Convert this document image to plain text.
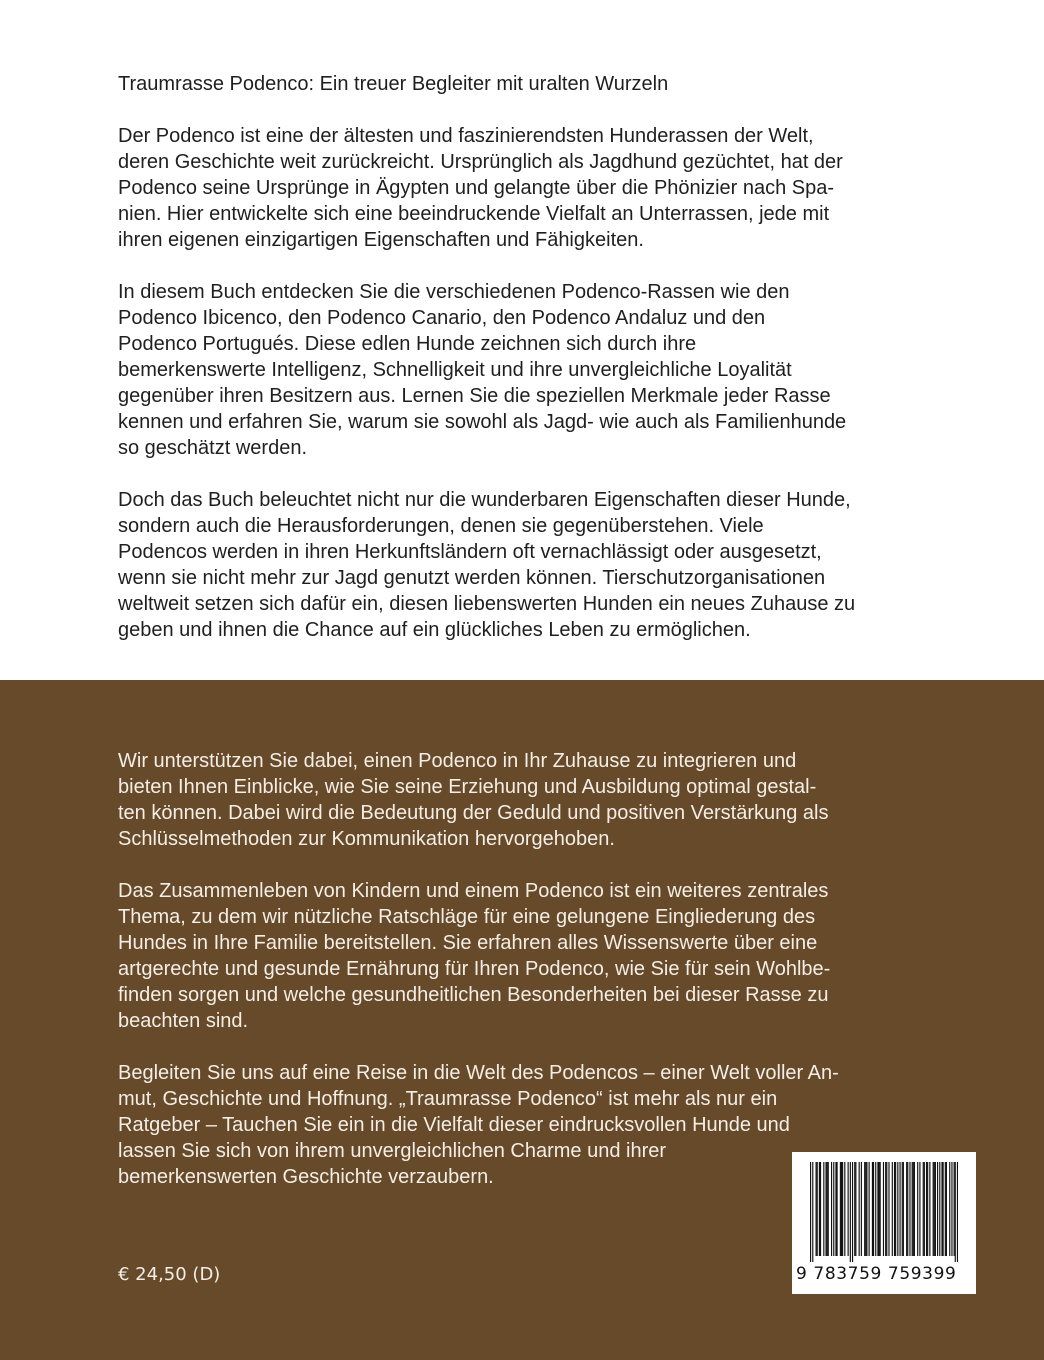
Traumrasse Podenco: Ein treuer Begleiter mit uralten Wurzeln

Der Podenco ist eine der ältesten und faszinierendsten Hunderassen der Welt,

deren Geschichte weit zurückreicht. Ursprünglich als Jagdhund gezüchtet, hat der

Podenco seine Ursprünge in Ägypten und gelangte über die Phönizier nach Spa-

nien. Hier entwickelte sich eine beeindruckende Vielfalt an Unterrassen, jede mit

ihren eigenen einzigartigen Eigenschaften und Fähigkeiten.

In diesem Buch entdecken Sie die verschiedenen Podenco-Rassen wie den

Podenco Ibicenco, den Podenco Canario, den Podenco Andaluz und den

Podenco Portugués. Diese edlen Hunde zeichnen sich durch ihre

bemerkenswerte Intelligenz, Schnelligkeit und ihre unvergleichliche Loyalität

gegenüber ihren Besitzern aus. Lernen Sie die speziellen Merkmale jeder Rasse

kennen und erfahren Sie, warum sie sowohl als Jagd- wie auch als Familienhunde

so geschätzt werden.

Doch das Buch beleuchtet nicht nur die wunderbaren Eigenschaften dieser Hunde,

sondern auch die Herausforderungen, denen sie gegenüberstehen. Viele

Podencos werden in ihren Herkunftsländern oft vernachlässigt oder ausgesetzt,

wenn sie nicht mehr zur Jagd genutzt werden können. Tierschutzorganisationen

weltweit setzen sich dafür ein, diesen liebenswerten Hunden ein neues Zuhause zu

geben und ihnen die Chance auf ein glückliches Leben zu ermöglichen.

Wir unterstützen Sie dabei, einen Podenco in Ihr Zuhause zu integrieren und

bieten Ihnen Einblicke, wie Sie seine Erziehung und Ausbildung optimal gestal-

ten können. Dabei wird die Bedeutung der Geduld und positiven Verstärkung als

Schlüsselmethoden zur Kommunikation hervorgehoben.

Das Zusammenleben von Kindern und einem Podenco ist ein weiteres zentrales

Thema, zu dem wir nützliche Ratschläge für eine gelungene Eingliederung des

Hundes in Ihre Familie bereitstellen. Sie erfahren alles Wissenswerte über eine

artgerechte und gesunde Ernährung für Ihren Podenco, wie Sie für sein Wohlbe-

finden sorgen und welche gesundheitlichen Besonderheiten bei dieser Rasse zu

beachten sind.

Begleiten Sie uns auf eine Reise in die Welt des Podencos – einer Welt voller An-

mut, Geschichte und Hoffnung. „Traumrasse Podenco“ ist mehr als nur ein

Ratgeber – Tauchen Sie ein in die Vielfalt dieser eindrucksvollen Hunde und

lassen Sie sich von ihrem unvergleichlichen Charme und ihrer

bemerkenswerten Geschichte verzaubern.

€ 24,50 (D)	9 783759 759399
